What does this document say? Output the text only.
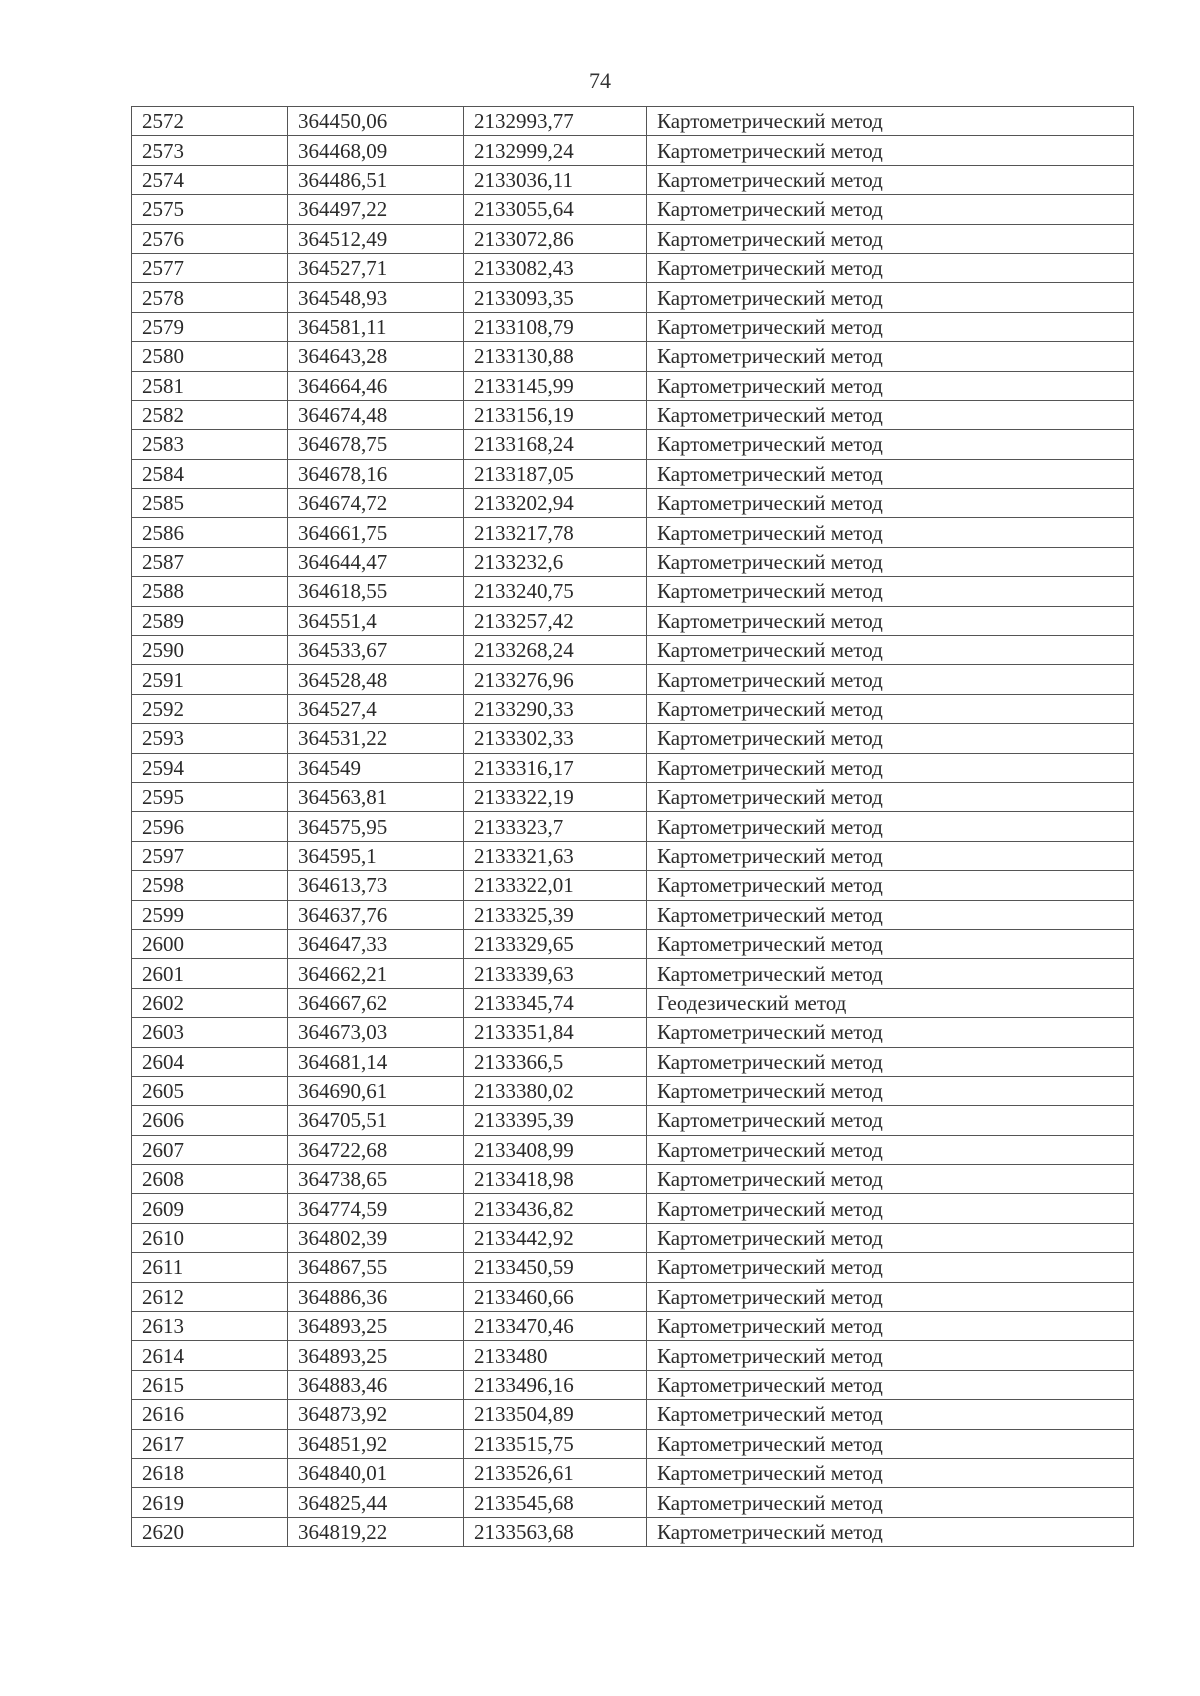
74
2572	364450,06	2132993,77	Картометрический метод
2573	364468,09	2132999,24	Картометрический метод
2574	364486,51	2133036,11	Картометрический метод
2575	364497,22	2133055,64	Картометрический метод
2576	364512,49	2133072,86	Картометрический метод
2577	364527,71	2133082,43	Картометрический метод
2578	364548,93	2133093,35	Картометрический метод
2579	364581,11	2133108,79	Картометрический метод
2580	364643,28	2133130,88	Картометрический метод
2581	364664,46	2133145,99	Картометрический метод
2582	364674,48	2133156,19	Картометрический метод
2583	364678,75	2133168,24	Картометрический метод
2584	364678,16	2133187,05	Картометрический метод
2585	364674,72	2133202,94	Картометрический метод
2586	364661,75	2133217,78	Картометрический метод
2587	364644,47	2133232,6	Картометрический метод
2588	364618,55	2133240,75	Картометрический метод
2589	364551,4	2133257,42	Картометрический метод
2590	364533,67	2133268,24	Картометрический метод
2591	364528,48	2133276,96	Картометрический метод
2592	364527,4	2133290,33	Картометрический метод
2593	364531,22	2133302,33	Картометрический метод
2594	364549	2133316,17	Картометрический метод
2595	364563,81	2133322,19	Картометрический метод
2596	364575,95	2133323,7	Картометрический метод
2597	364595,1	2133321,63	Картометрический метод
2598	364613,73	2133322,01	Картометрический метод
2599	364637,76	2133325,39	Картометрический метод
2600	364647,33	2133329,65	Картометрический метод
2601	364662,21	2133339,63	Картометрический метод
2602	364667,62	2133345,74	Геодезический метод
2603	364673,03	2133351,84	Картометрический метод
2604	364681,14	2133366,5	Картометрический метод
2605	364690,61	2133380,02	Картометрический метод
2606	364705,51	2133395,39	Картометрический метод
2607	364722,68	2133408,99	Картометрический метод
2608	364738,65	2133418,98	Картометрический метод
2609	364774,59	2133436,82	Картометрический метод
2610	364802,39	2133442,92	Картометрический метод
2611	364867,55	2133450,59	Картометрический метод
2612	364886,36	2133460,66	Картометрический метод
2613	364893,25	2133470,46	Картометрический метод
2614	364893,25	2133480	Картометрический метод
2615	364883,46	2133496,16	Картометрический метод
2616	364873,92	2133504,89	Картометрический метод
2617	364851,92	2133515,75	Картометрический метод
2618	364840,01	2133526,61	Картометрический метод
2619	364825,44	2133545,68	Картометрический метод
2620	364819,22	2133563,68	Картометрический метод
